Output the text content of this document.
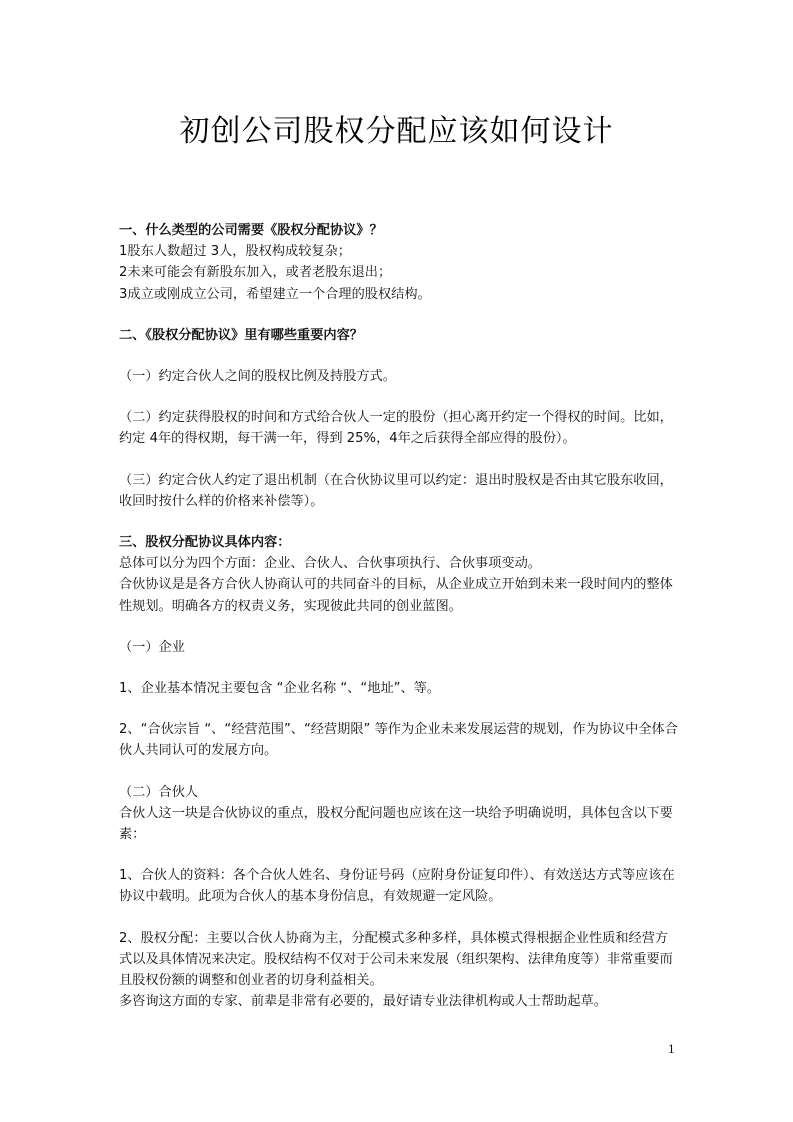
初创公司股权分配应该如何设计

一、什么类型的公司需要《股权分配协议》？

1股东人数超过 3人，股权构成较复杂；

2未来可能会有新股东加入，或者老股东退出；

3成立或刚成立公司，希望建立一个合理的股权结构。

二、《股权分配协议》里有哪些重要内容？

（一）约定合伙人之间的股权比例及持股方式。

（二）约定获得股权的时间和方式给合伙人一定的股份（担心离开约定一个得权的时间。比如，约定 4年的得权期，每干满一年，得到 25%，4年之后获得全部应得的股份）。

（三）约定合伙人约定了退出机制（在合伙协议里可以约定：退出时股权是否由其它股东收回，收回时按什么样的价格来补偿等）。

三、股权分配协议具体内容：

总体可以分为四个方面：企业、合伙人、合伙事项执行、合伙事项变动。

合伙协议是是各方合伙人协商认可的共同奋斗的目标，从企业成立开始到未来一段时间内的整体性规划。明确各方的权责义务，实现彼此共同的创业蓝图。

（一）企业

1、企业基本情况主要包含 “企业名称 “、“地址”、等。

2、“合伙宗旨 “、“经营范围”、“经营期限” 等作为企业未来发展运营的规划，作为协议中全体合伙人共同认可的发展方向。

（二）合伙人

合伙人这一块是合伙协议的重点，股权分配问题也应该在这一块给予明确说明，具体包含以下要素：

1、合伙人的资料：各个合伙人姓名、身份证号码（应附身份证复印件）、有效送达方式等应该在协议中载明。此项为合伙人的基本身份信息，有效规避一定风险。

2、股权分配：主要以合伙人协商为主，分配模式多种多样，具体模式得根据企业性质和经营方式以及具体情况来决定。股权结构不仅对于公司未来发展（组织架构、法律角度等）非常重要而且股权份额的调整和创业者的切身利益相关。

多咨询这方面的专家、前辈是非常有必要的，最好请专业法律机构或人士帮助起草。

1
